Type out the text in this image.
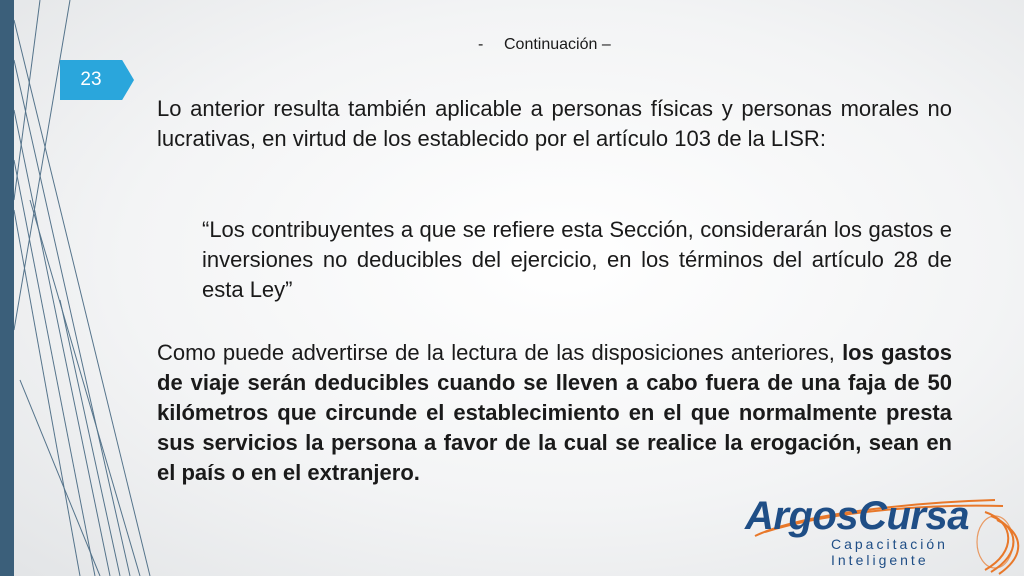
23
- Continuación –

Lo anterior resulta también aplicable a personas físicas y personas morales no lucrativas, en virtud de los establecido por el artículo 103 de la LISR:

“Los contribuyentes a que se refiere esta Sección, considerarán los gastos e inversiones no deducibles del ejercicio, en los términos del artículo 28 de esta Ley”

Como puede advertirse de la lectura de las disposiciones anteriores, los gastos de viaje serán deducibles cuando se lleven a cabo fuera de una faja de 50 kilómetros que circunde el establecimiento en el que normalmente presta sus servicios la persona a favor de la cual se realice la erogación, sean en el país o en el extranjero.

ArgosCursa
Capacitación
Inteligente
